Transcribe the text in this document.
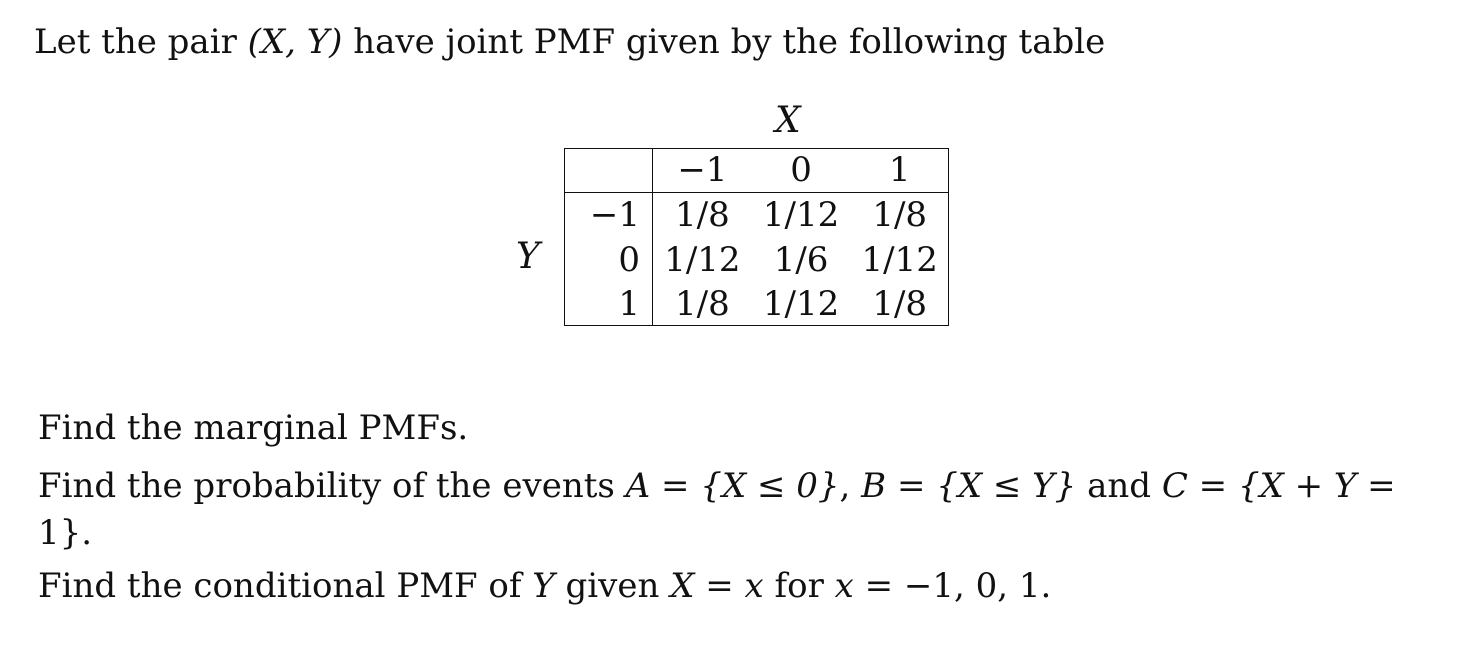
Let the pair (X, Y) have joint PMF given by the following table
X
Y
	−1	0	1
−1	1/8	1/12	1/8
0	1/12	1/6	1/12
1	1/8	1/12	1/8
Find the marginal PMFs.
Find the probability of the events A = {X ≤ 0}, B = {X ≤ Y} and C = {X + Y =
1}.
Find the conditional PMF of Y given X = x for x = −1, 0, 1.
